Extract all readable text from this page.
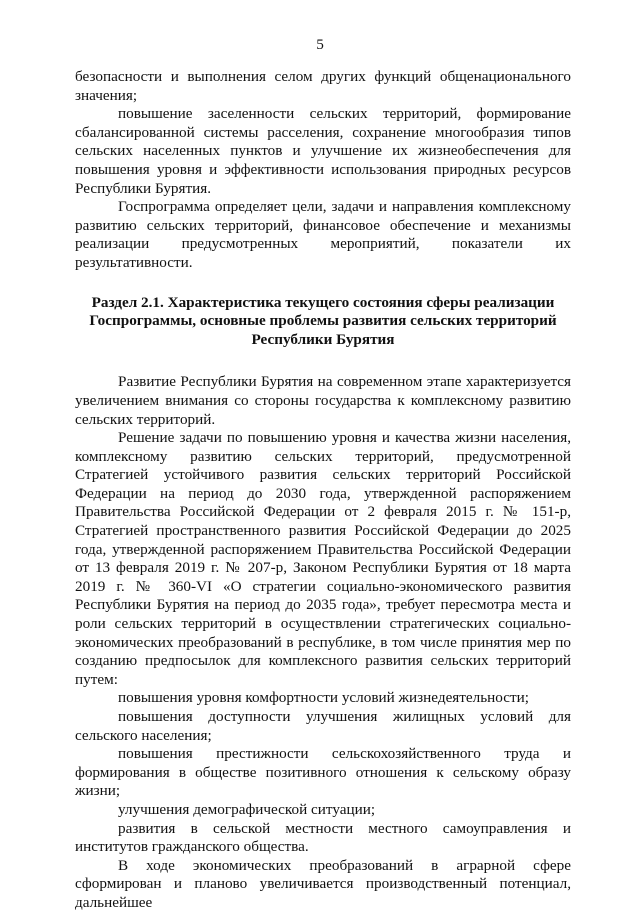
5

безопасности и выполнения селом других функций общенационального значения;

повышение заселенности сельских территорий, формирование сбалансированной системы расселения, сохранение многообразия типов сельских населенных пунктов и улучшение их жизнеобеспечения для повышения уровня и эффективности использования природных ресурсов Республики Бурятия.

Госпрограмма определяет цели, задачи и направления комплексному развитию сельских территорий, финансовое обеспечение и механизмы реализации предусмотренных мероприятий, показатели их результативности.

Раздел 2.1. Характеристика текущего состояния сферы реализации Госпрограммы, основные проблемы развития сельских территорий Республики Бурятия

Развитие Республики Бурятия на современном этапе характеризуется увеличением внимания со стороны государства к комплексному развитию сельских территорий.

Решение задачи по повышению уровня и качества жизни населения, комплексному развитию сельских территорий, предусмотренной Стратегией устойчивого развития сельских территорий Российской Федерации на период до 2030 года, утвержденной распоряжением Правительства Российской Федерации от 2 февраля 2015 г. № 151-р, Стратегией пространственного развития Российской Федерации до 2025 года, утвержденной распоряжением Правительства Российской Федерации от 13 февраля 2019 г. № 207-р, Законом Республики Бурятия от 18 марта 2019 г. № 360-VI «О стратегии социально-экономического развития Республики Бурятия на период до 2035 года», требует пересмотра места и роли сельских территорий в осуществлении стратегических социально-экономических преобразований в республике, в том числе принятия мер по созданию предпосылок для комплексного развития сельских территорий путем:

повышения уровня комфортности условий жизнедеятельности;

повышения доступности улучшения жилищных условий для сельского населения;

повышения престижности сельскохозяйственного труда и формирования в обществе позитивного отношения к сельскому образу жизни;

улучшения демографической ситуации;

развития в сельской местности местного самоуправления и институтов гражданского общества.

В ходе экономических преобразований в аграрной сфере сформирован и планово увеличивается производственный потенциал, дальнейшее
